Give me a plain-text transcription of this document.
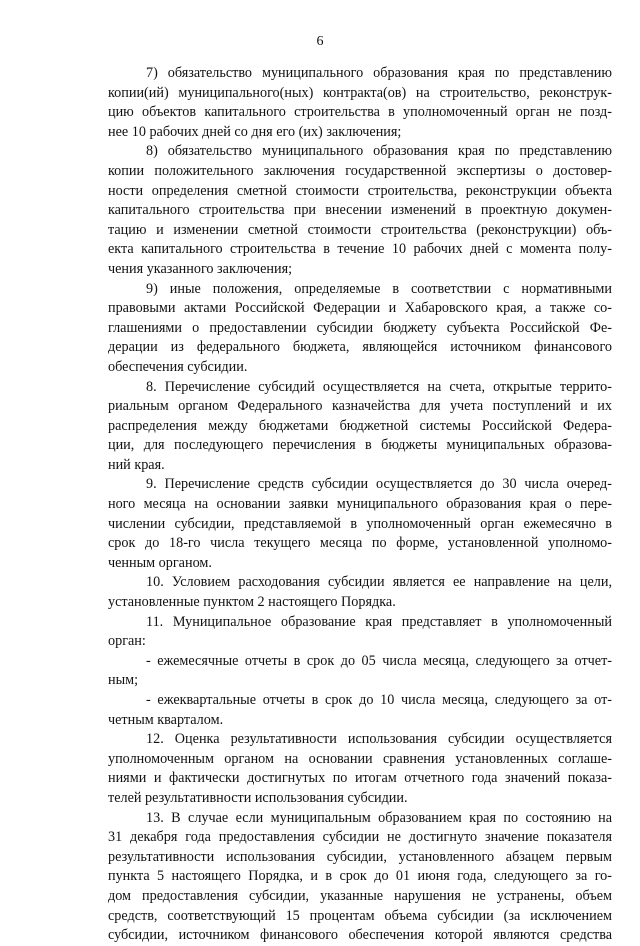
6
7) обязательство муниципального образования края по представлению
копии(ий) муниципального(ных) контракта(ов) на строительство, реконструк-
цию объектов капитального строительства в уполномоченный орган не позд-
нее 10 рабочих дней со дня его (их) заключения;
8) обязательство муниципального образования края по представлению
копии положительного заключения государственной экспертизы о достовер-
ности определения сметной стоимости строительства, реконструкции объекта
капитального строительства при внесении изменений в проектную докумен-
тацию и изменении сметной стоимости строительства (реконструкции) объ-
екта капитального строительства в течение 10 рабочих дней с момента полу-
чения указанного заключения;
9) иные положения, определяемые в соответствии с нормативными
правовыми актами Российской Федерации и Хабаровского края, а также со-
глашениями о предоставлении субсидии бюджету субъекта Российской Фе-
дерации из федерального бюджета, являющейся источником финансового
обеспечения субсидии.
8. Перечисление субсидий осуществляется на счета, открытые террито-
риальным органом Федерального казначейства для учета поступлений и их
распределения между бюджетами бюджетной системы Российской Федера-
ции, для последующего перечисления в бюджеты муниципальных образова-
ний края.
9. Перечисление средств субсидии осуществляется до 30 числа очеред-
ного месяца на основании заявки муниципального образования края о пере-
числении субсидии, представляемой в уполномоченный орган ежемесячно в
срок до 18-го числа текущего месяца по форме, установленной уполномо-
ченным органом.
10. Условием расходования субсидии является ее направление на цели,
установленные пунктом 2 настоящего Порядка.
11. Муниципальное образование края представляет в уполномоченный
орган:
- ежемесячные отчеты в срок до 05 числа месяца, следующего за отчет-
ным;
- ежеквартальные отчеты в срок до 10 числа месяца, следующего за от-
четным кварталом.
12. Оценка результативности использования субсидии осуществляется
уполномоченным органом на основании сравнения установленных соглаше-
ниями и фактически достигнутых по итогам отчетного года значений показа-
телей результативности использования субсидии.
13. В случае если муниципальным образованием края по состоянию на
31 декабря года предоставления субсидии не достигнуто значение показателя
результативности использования субсидии, установленного абзацем первым
пункта 5 настоящего Порядка, и в срок до 01 июня года, следующего за го-
дом предоставления субсидии, указанные нарушения не устранены, объем
средств, соответствующий 15 процентам объема субсидии (за исключением
субсидии, источником финансового обеспечения которой являются средства
